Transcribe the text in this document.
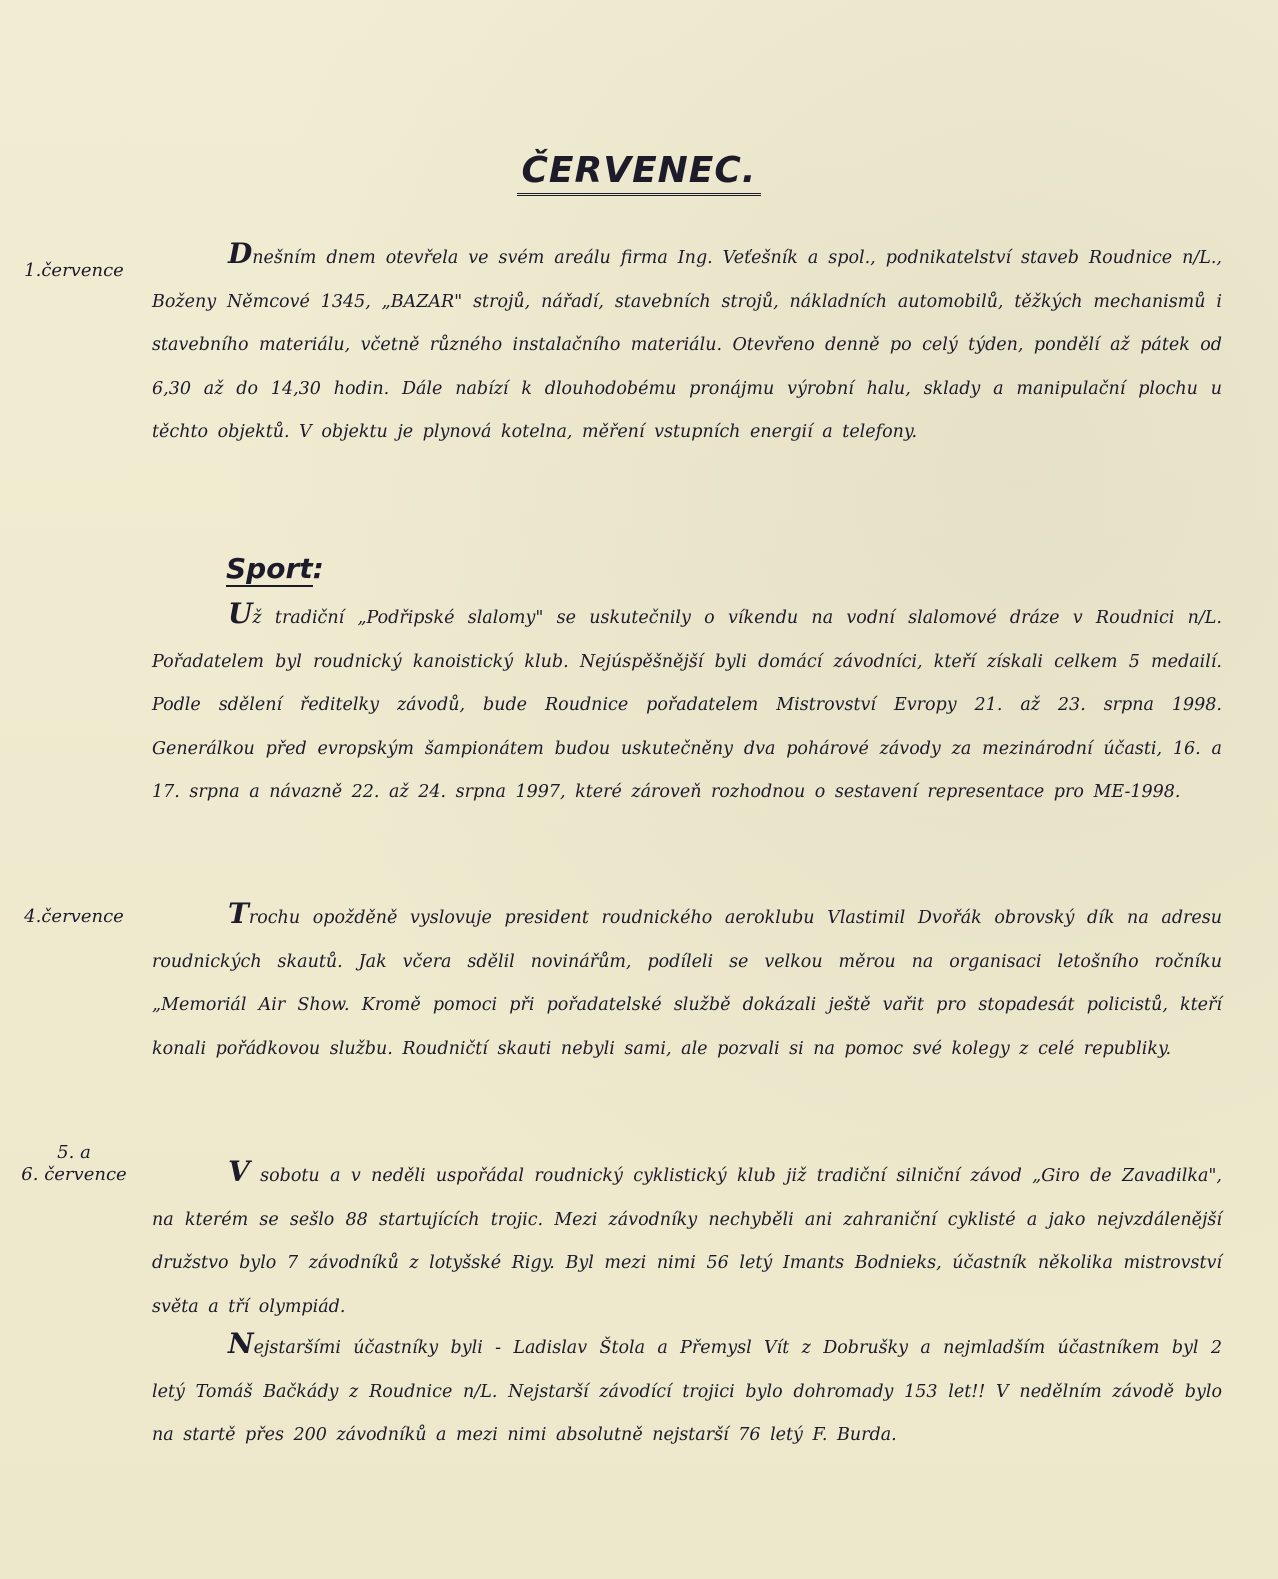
ČERVENEC.
1.července

Dnešním dnem otevřela ve svém areálu firma Ing. Veťešník a spol., podnikatelství staveb Roudnice n/L., Boženy Němcové 1345, „BAZAR" strojů, nářadí, stavebních strojů, nákladních automobilů, těžkých mechanismů i stavebního materiálu, včetně různého instalačního materiálu. Otevřeno denně po celý týden, pondělí až pátek od 6,30 až do 14,30 hodin. Dále nabízí k dlouhodobému pronájmu výrobní halu, sklady a manipulační plochu u těchto objektů. V objektu je plynová kotelna, měření vstupních energií a telefony.

Sport:

Už tradiční „Podřipské slalomy" se uskutečnily o víkendu na vodní slalomové dráze v Roudnici n/L. Pořadatelem byl roudnický kanoistický klub. Nejúspěšnější byli domácí závodníci, kteří získali celkem 5 medailí. Podle sdělení ředitelky závodů, bude Roudnice pořadatelem Mistrovství Evropy 21. až 23. srpna 1998. Generálkou před evropským šampionátem budou uskutečněny dva pohárové závody za mezinárodní účasti, 16. a 17. srpna a návazně 22. až 24. srpna 1997, které zároveň rozhodnou o sestavení representace pro ME-1998.

4.července	Trochu opožděně vyslovuje president roudnického aeroklubu Vlastimil Dvořák obrovský dík na adresu roudnických skautů. Jak včera sdělil novinářům, podíleli se velkou měrou na organisaci letošního ročníku „Memoriál Air Show. Kromě pomoci při pořadatelské službě dokázali ještě vařit pro stopadesát policistů, kteří konali pořádkovou službu. Roudničtí skauti nebyli sami, ale pozvali si na pomoc své kolegy z celé republiky.

5. a
6. července	V sobotu a v neděli uspořádal roudnický cyklistický klub již tradiční silniční závod „Giro de Zavadilka", na kterém se sešlo 88 startujících trojic. Mezi závodníky nechyběli ani zahraniční cyklisté a jako nejvzdálenější družstvo bylo 7 závodníků z lotyšské Rigy. Byl mezi nimi 56 letý Imants Bodnieks, účastník několika mistrovství světa a tří olympiád.

Nejstaršími účastníky byli - Ladislav Štola a Přemysl Vít z Dobrušky a nejmladším účastníkem byl 2 letý Tomáš Bačkády z Roudnice n/L. Nejstarší závodící trojici bylo dohromady 153 let!! V nedělním závodě bylo na startě přes 200 závodníků a mezi nimi absolutně nejstarší 76 letý F. Burda.
